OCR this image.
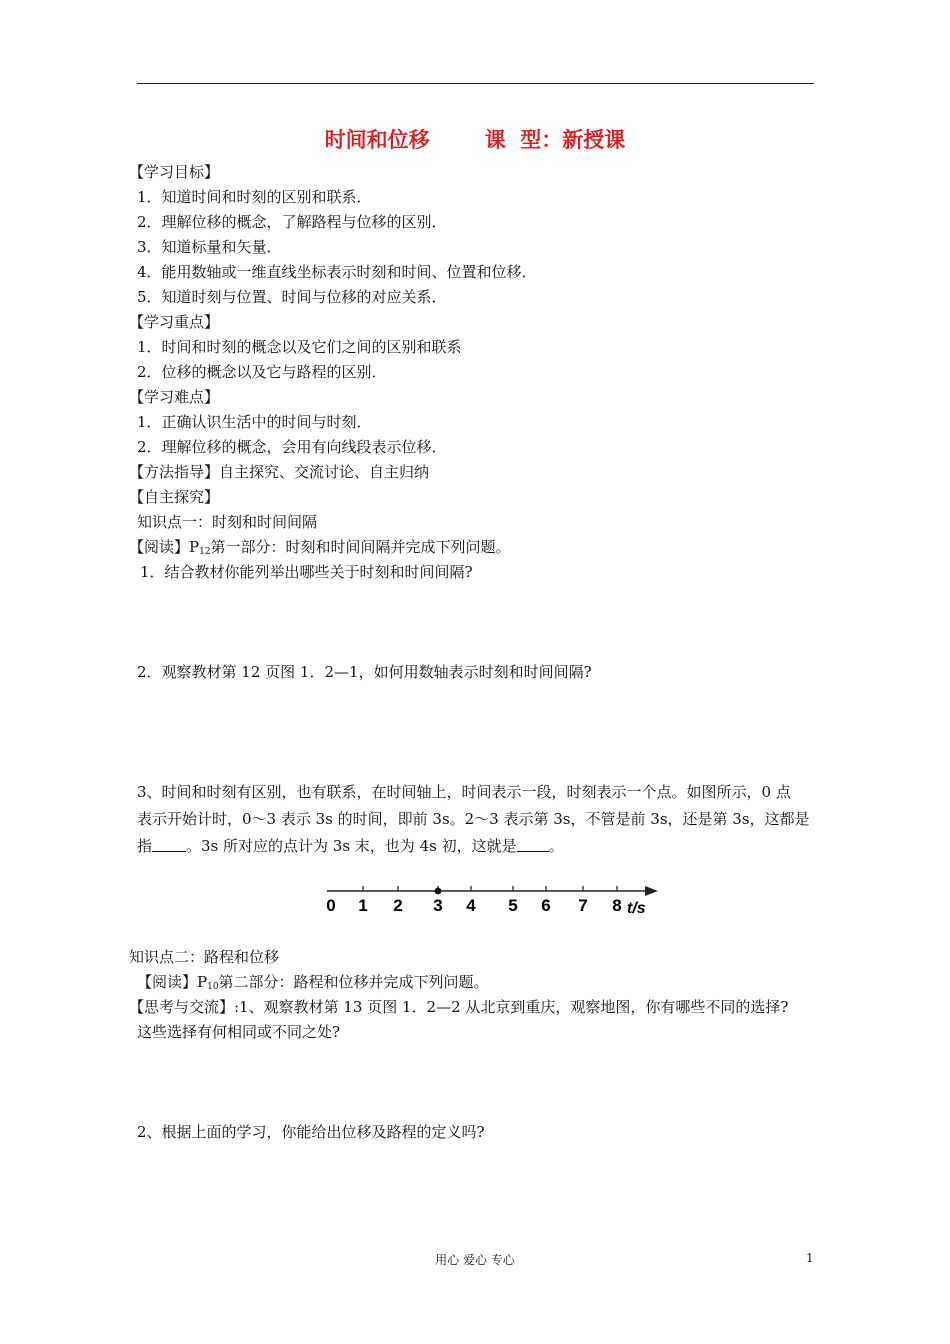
时间和位移	课  型：新授课
【学习目标】
1．知道时间和时刻的区别和联系．
2．理解位移的概念，了解路程与位移的区别．
3．知道标量和矢量．
4．能用数轴或一维直线坐标表示时刻和时间、位置和位移．
5．知道时刻与位置、时间与位移的对应关系．
【学习重点】
1．时间和时刻的概念以及它们之间的区别和联系
2．位移的概念以及它与路程的区别．
【学习难点】
1．正确认识生活中的时间与时刻．
2．理解位移的概念，会用有向线段表示位移．
【方法指导】自主探究、交流讨论、自主归纳
【自主探究】
知识点一：时刻和时间间隔
【阅读】$P_{12}$第一部分：时刻和时间间隔并完成下列问题。
1．结合教材你能列举出哪些关于时刻和时间间隔?
2．观察教材第 12 页图 1．2—1，如何用数轴表示时刻和时间间隔?
3、时间和时刻有区别，也有联系，在时间轴上，时间表示一段，时刻表示一个点。如图所示，0 点
表示开始计时，0～3 表示 3s 的时间，即前 3s。2～3 表示第 3s，不管是前 3s，还是第 3s，这都是
指 。3s 所对应的点计为 3s 末，也为 4s 初，这就是 。
0 1 2 3 4 5 6 7 8 t/s
知识点二：路程和位移
【阅读】$P_{10}$第二部分：路程和位移并完成下列问题。
【思考与交流】:1、观察教材第 13 页图 1．2—2 从北京到重庆，观察地图，你有哪些不同的选择?
这些选择有何相同或不同之处?
2、根据上面的学习，你能给出位移及路程的定义吗?
用心 爱心 专心	1
